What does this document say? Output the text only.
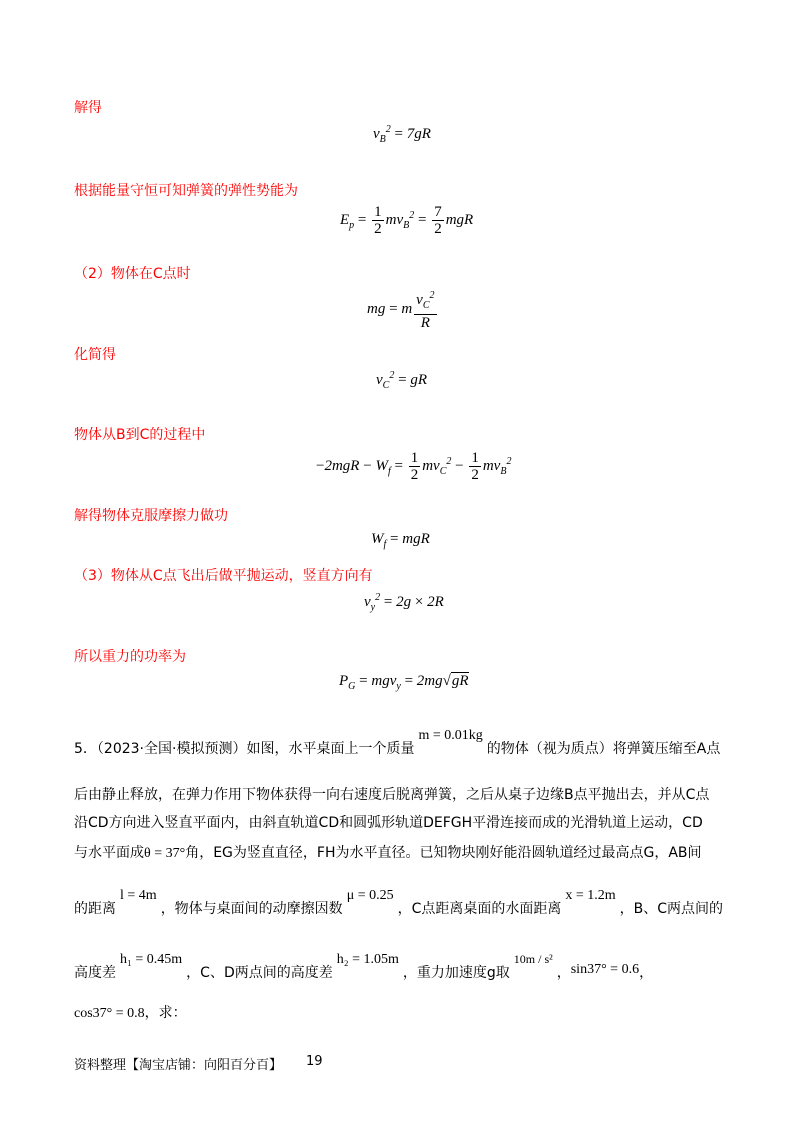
解得
$v_B^2 = 7gR$
根据能量守恒可知弹簧的弹性势能为
$E_p = \frac{1}{2} mv_B^2 = \frac{7}{2}$ mgR
（2）物体在C点时
mg = m $\frac{v_C^2}{R}$
化简得
$v_C^2$ = gR
物体从B到C的过程中
$-2mgR - W_f = \frac{1}{2} mv_C^2 - \frac{1}{2} mv_B^2$
解得物体克服摩擦力做功
$W_f$ = mgR
（3）物体从C点飞出后做平抛运动，竖直方向有
$v_y^2 = 2g \times 2R$
所以重力的功率为
$P_G = mgv_y = 2mg√gR$
5．（2023·全国·模拟预测）如图，水平桌面上一个质量m = 0.01kg的物体（视为质点）将弹簧压缩至A点
后由静止释放，在弹力作用下物体获得一向右速度后脱离弹簧，之后从桌子边缘B点平抛出去，并从C点
沿CD方向进入竖直平面内，由斜直轨道CD和圆弧形轨道DEFGH平滑连接而成的光滑轨道上运动，CD
与水平面成θ = 37°角，EG为竖直直径，FH为水平直径。已知物块刚好能沿圆轨道经过最高点G，AB间
的距离l = 4m，物体与桌面间的动摩擦因数μ = 0.25，C点距离桌面的水面距离x = 1.2m，B、C两点间的
高度差h₁ = 0.45m，C、D两点间的高度差h₂ = 1.05m，重力加速度g取10m / s²，sin37° = 0.6，
cos37° = 0.8，求：
资料整理【淘宝店铺：向阳百分百】 19
